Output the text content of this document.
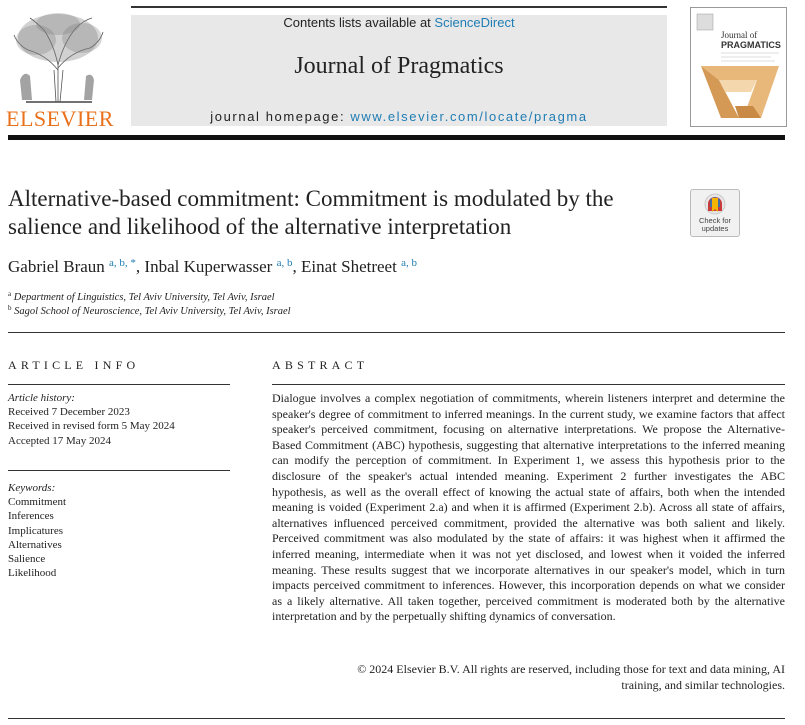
ELSEVIER
Contents lists available at ScienceDirect
Journal of Pragmatics
journal homepage: www.elsevier.com/locate/pragma
Journal of
PRAGMATICS
Alternative-based commitment: Commitment is modulated by the salience and likelihood of the alternative interpretation	Check for updates
Gabriel Braun $^{a, b, *}$, Inbal Kuperwasser $^{a, b}$, Einat Shetreet $^{a, b}$
$^a$ Department of Linguistics, Tel Aviv University, Tel Aviv, Israel
$^b$ Sagol School of Neuroscience, Tel Aviv University, Tel Aviv, Israel
ARTICLE INFO
Article history:
Received 7 December 2023
Received in revised form 5 May 2024
Accepted 17 May 2024
Keywords:
Commitment
Inferences
Implicatures
Alternatives
Salience
Likelihood
ABSTRACT

Dialogue involves a complex negotiation of commitments, wherein listeners interpret and determine the speaker's degree of commitment to inferred meanings. In the current study, we examine factors that affect speaker's perceived commitment, focusing on alternative interpretations. We propose the Alternative-Based Commitment (ABC) hypothesis, suggesting that alternative interpretations to the inferred meaning can modify the perception of commitment. In Experiment 1, we assess this hypothesis prior to the disclosure of the speaker's actual intended meaning. Experiment 2 further investigates the ABC hypothesis, as well as the overall effect of knowing the actual state of affairs, both when the intended meaning is voided (Experiment 2.a) and when it is affirmed (Experiment 2.b). Across all state of affairs, alternatives influenced perceived commitment, provided the alternative was both salient and likely. Perceived commitment was also modulated by the state of affairs: it was highest when it affirmed the inferred meaning, intermediate when it was not yet disclosed, and lowest when it voided the inferred meaning. These results suggest that we incorporate alternatives in our speaker's model, which in turn impacts perceived commitment to inferences. However, this incorporation depends on what we consider as a likely alternative. All taken together, perceived commitment is moderated both by the alternative interpretation and by the perpetually shifting dynamics of conversation.

© 2024 Elsevier B.V. All rights are reserved, including those for text and data mining, AI
training, and similar technologies.
